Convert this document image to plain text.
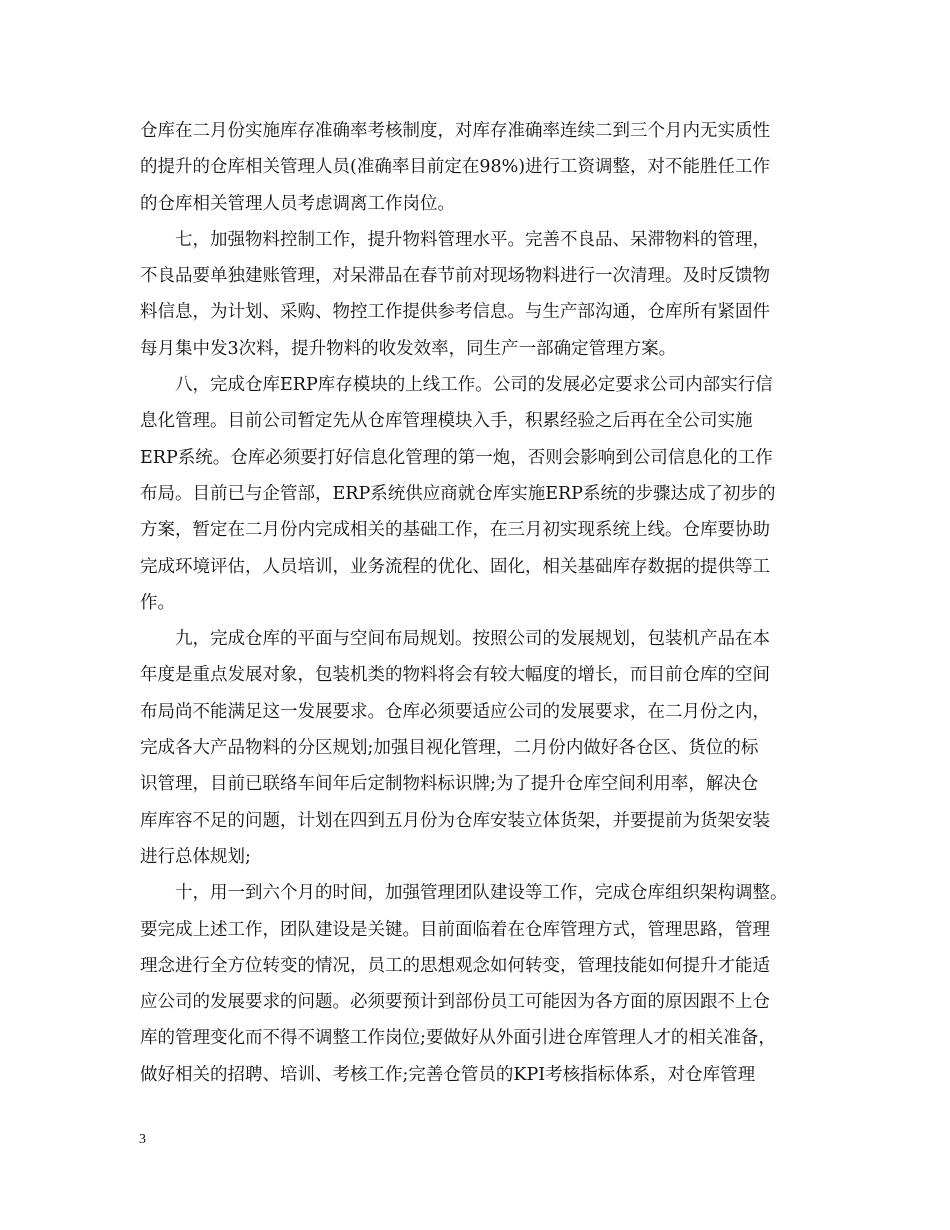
仓库在二月份实施库存准确率考核制度，对库存准确率连续二到三个月内无实质性
的提升的仓库相关管理人员(准确率目前定在98%)进行工资调整，对不能胜任工作
的仓库相关管理人员考虑调离工作岗位。
　　七，加强物料控制工作，提升物料管理水平。完善不良品、呆滞物料的管理，
不良品要单独建账管理，对呆滞品在春节前对现场物料进行一次清理。及时反馈物
料信息，为计划、采购、物控工作提供参考信息。与生产部沟通，仓库所有紧固件
每月集中发3次料，提升物料的收发效率，同生产一部确定管理方案。
　　八，完成仓库ERP库存模块的上线工作。公司的发展必定要求公司内部实行信
息化管理。目前公司暂定先从仓库管理模块入手，积累经验之后再在全公司实施
ERP系统。仓库必须要打好信息化管理的第一炮，否则会影响到公司信息化的工作
布局。目前已与企管部，ERP系统供应商就仓库实施ERP系统的步骤达成了初步的
方案，暂定在二月份内完成相关的基础工作，在三月初实现系统上线。仓库要协助
完成环境评估，人员培训，业务流程的优化、固化，相关基础库存数据的提供等工
作。
　　九，完成仓库的平面与空间布局规划。按照公司的发展规划，包装机产品在本
年度是重点发展对象，包装机类的物料将会有较大幅度的增长，而目前仓库的空间
布局尚不能满足这一发展要求。仓库必须要适应公司的发展要求，在二月份之内，
完成各大产品物料的分区规划;加强目视化管理，二月份内做好各仓区、货位的标
识管理，目前已联络车间年后定制物料标识牌;为了提升仓库空间利用率，解决仓
库库容不足的问题，计划在四到五月份为仓库安装立体货架，并要提前为货架安装
进行总体规划;
　　十，用一到六个月的时间，加强管理团队建设等工作，完成仓库组织架构调整。
要完成上述工作，团队建设是关键。目前面临着在仓库管理方式，管理思路，管理
理念进行全方位转变的情况，员工的思想观念如何转变，管理技能如何提升才能适
应公司的发展要求的问题。必须要预计到部份员工可能因为各方面的原因跟不上仓
库的管理变化而不得不调整工作岗位;要做好从外面引进仓库管理人才的相关准备，
做好相关的招聘、培训、考核工作;完善仓管员的KPI考核指标体系，对仓库管理
3
